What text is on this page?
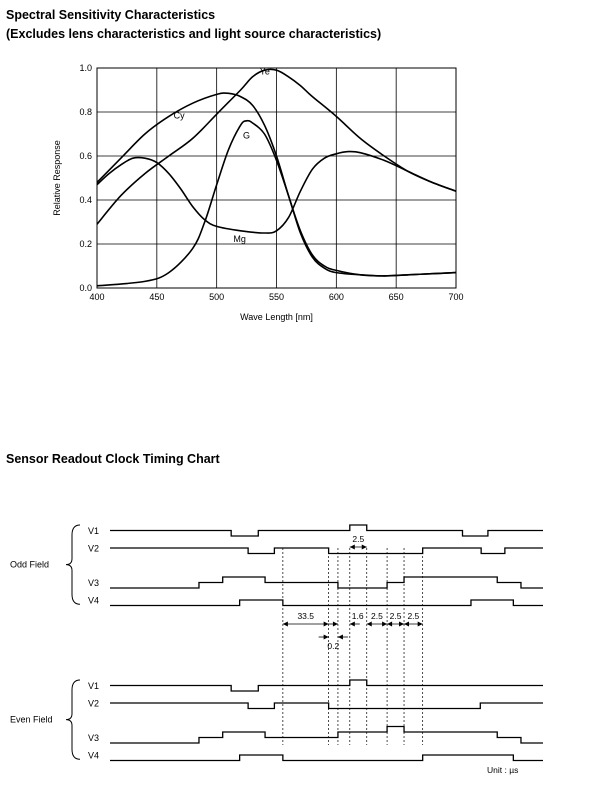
Spectral Sensitivity Characteristics
(Excludes lens characteristics and light source characteristics)
Sensor Readout Clock Timing Chart
400	450	500	550	600	650	700
0.0
0.2
0.4
0.6
0.8
1.0
Wave Length [nm]
Relative Response
Ye
Cy
G
Mg
Odd Field
V1
V2
V3
V4
Even Field
V1
V2
V3
V4
2.5
33.5	1.6 2.5 2.5 2.5
0.2
Unit : µs
